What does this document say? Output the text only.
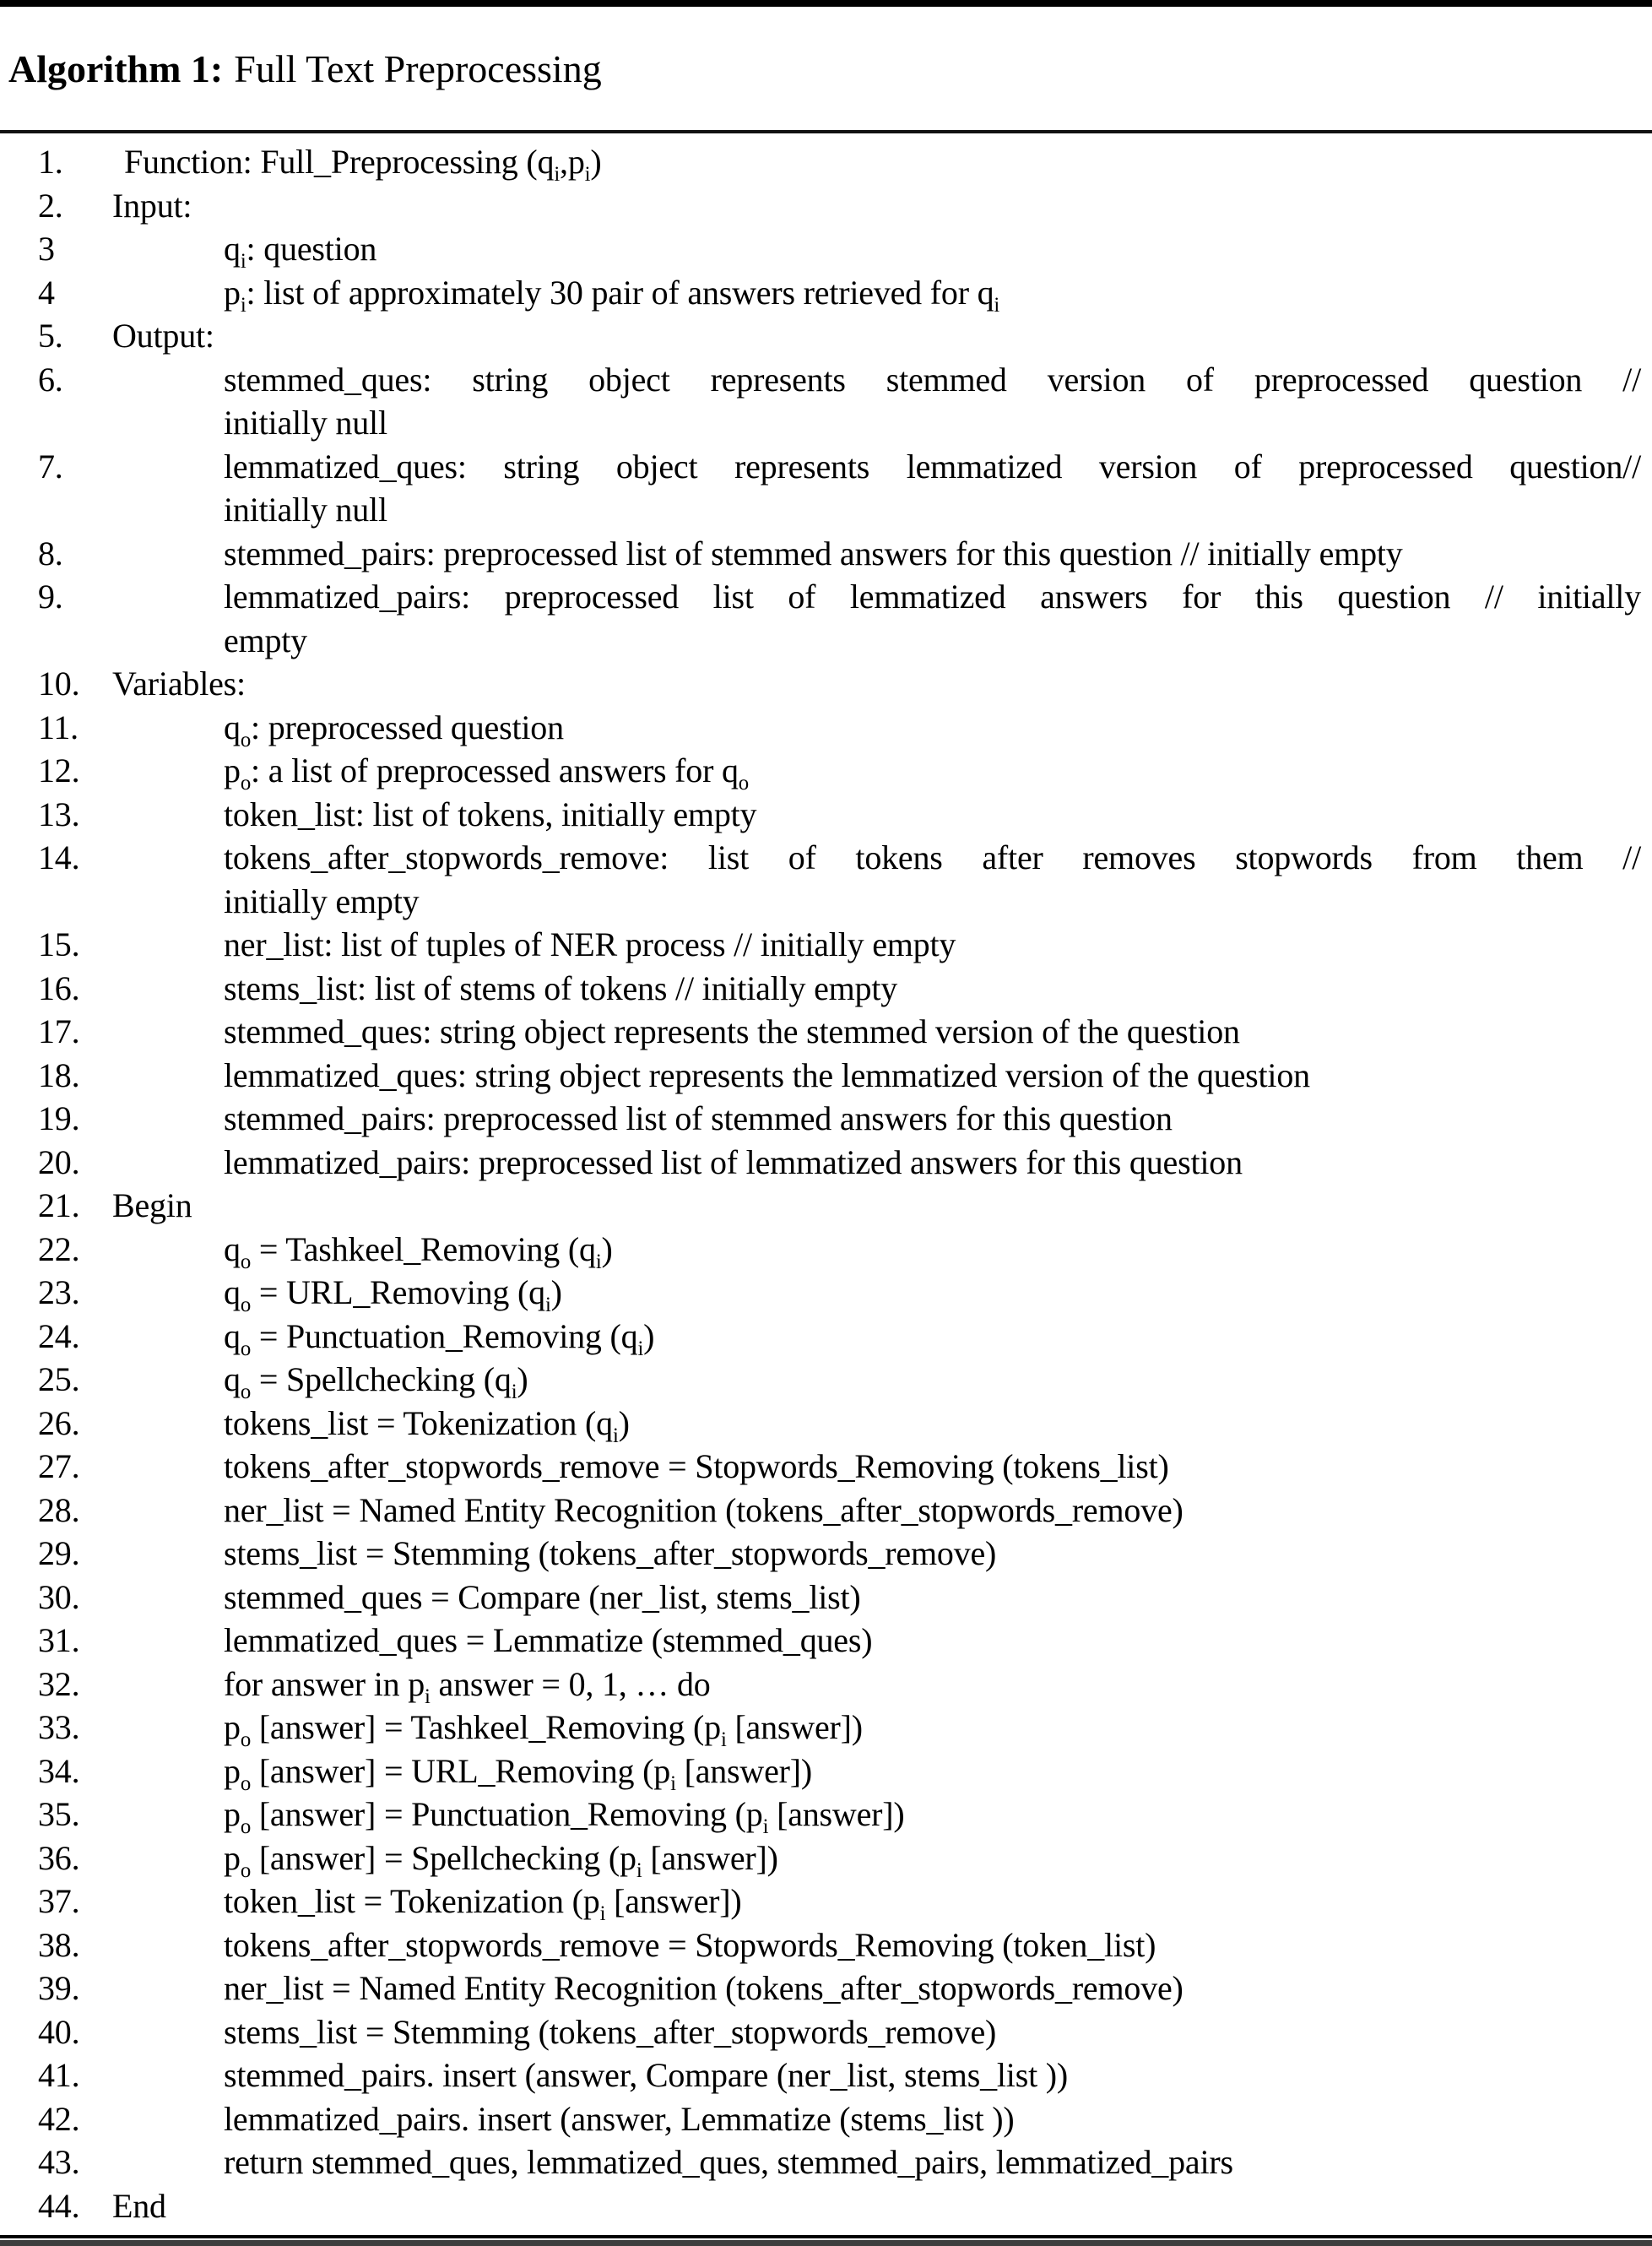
Algorithm 1: Full Text Preprocessing
1.	Function: Full_Preprocessing $(q_i,p_i)$
2.	Input:
3	$q_i$: question
4	$p_i$: list of approximately 30 pair of answers retrieved for $q_i$
5.	Output:
6.	stemmed_ques: string object represents stemmed version of preprocessed question //
initially null
7.	lemmatized_ques: string object represents lemmatized version of preprocessed question//
initially null
8.	stemmed_pairs: preprocessed list of stemmed answers for this question // initially empty
9.	lemmatized_pairs: preprocessed list of lemmatized answers for this question // initially
empty
10. Variables:
11.	$q_o$: preprocessed question
12.	$p_o$: a list of preprocessed answers for $q_o$
13.	token_list: list of tokens, initially empty
14.	tokens_after_stopwords_remove: list of tokens after removes stopwords from them //
initially empty
15.	ner_list: list of tuples of NER process // initially empty
16.	stems_list: list of stems of tokens // initially empty
17.	stemmed_ques: string object represents the stemmed version of the question
18.	lemmatized_ques: string object represents the lemmatized version of the question
19.	stemmed_pairs: preprocessed list of stemmed answers for this question
20.	lemmatized_pairs: preprocessed list of lemmatized answers for this question
21. Begin
22.	$q_o$ = Tashkeel_Removing $(q_i)$
23.	$q_o$ = URL_Removing $(q_i)$
24.	$q_o$ = Punctuation_Removing $(q_i)$
25.	$q_o$ = Spellchecking $(q_i)$
26.	tokens_list = Tokenization $(q_i)$
27.	tokens_after_stopwords_remove = Stopwords_Removing (tokens_list)
28.	ner_list = Named Entity Recognition (tokens_after_stopwords_remove)
29.	stems_list = Stemming (tokens_after_stopwords_remove)
30.	stemmed_ques = Compare (ner_list, stems_list)
31.	lemmatized_ques = Lemmatize (stemmed_ques)
32.	for answer in $p_i$ answer = 0, 1, … do
33.	$p_o$ [answer] = Tashkeel_Removing ($p_i$ [answer])
34.	$p_o$ [answer] = URL_Removing ($p_i$ [answer])
35.	$p_o$ [answer] = Punctuation_Removing ($p_i$ [answer])
36.	$p_o$ [answer] = Spellchecking ($p_i$ [answer])
37.	token_list = Tokenization ($p_i$ [answer])
38.	tokens_after_stopwords_remove = Stopwords_Removing (token_list)
39.	ner_list = Named Entity Recognition (tokens_after_stopwords_remove)
40.	stems_list = Stemming (tokens_after_stopwords_remove)
41.	stemmed_pairs. insert (answer, Compare (ner_list, stems_list ))
42.	lemmatized_pairs. insert (answer, Lemmatize (stems_list ))
43.	return stemmed_ques, lemmatized_ques, stemmed_pairs, lemmatized_pairs
44. End
